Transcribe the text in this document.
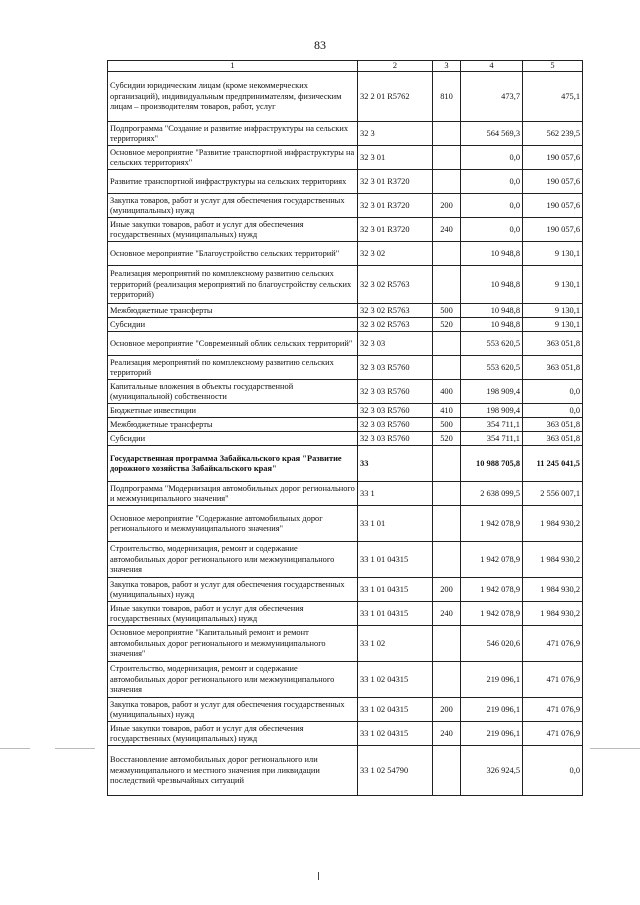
83
1	2	3	4	5
Субсидии юридическим лицам (кроме некоммерческих организаций), индивидуальным предпринимателям, физическим лицам – производителям товаров, работ, услуг	32 2 01 R5762	810	473,7	475,1
Подпрограмма "Создание и развитие инфраструктуры на сельских территориях"	32 3		564 569,3	562 239,5
Основное мероприятие "Развитие транспортной инфраструктуры на сельских территориях"	32 3 01		0,0	190 057,6
Развитие транспортной инфраструктуры на сельских территориях	32 3 01 R3720		0,0	190 057,6
Закупка товаров, работ и услуг для обеспечения государственных (муниципальных) нужд	32 3 01 R3720	200	0,0	190 057,6
Иные закупки товаров, работ и услуг для обеспечения государственных (муниципальных) нужд	32 3 01 R3720	240	0,0	190 057,6
Основное мероприятие "Благоустройство сельских территорий"	32 3 02		10 948,8	9 130,1
Реализация мероприятий по комплексному развитию сельских территорий (реализация мероприятий по благоустройству сельских территорий)	32 3 02 R5763		10 948,8	9 130,1
Межбюджетные трансферты	32 3 02 R5763	500	10 948,8	9 130,1
Субсидии	32 3 02 R5763	520	10 948,8	9 130,1
Основное мероприятие "Современный облик сельских территорий"	32 3 03		553 620,5	363 051,8
Реализация мероприятий по комплексному развитию сельских территорий	32 3 03 R5760		553 620,5	363 051,8
Капитальные вложения в объекты государственной (муниципальной) собственности	32 3 03 R5760	400	198 909,4	0,0
Бюджетные инвестиции	32 3 03 R5760	410	198 909,4	0,0
Межбюджетные трансферты	32 3 03 R5760	500	354 711,1	363 051,8
Субсидии	32 3 03 R5760	520	354 711,1	363 051,8
Государственная программа Забайкальского края "Развитие дорожного хозяйства Забайкальского края"	33		10 988 705,8	11 245 041,5
Подпрограмма "Модернизация автомобильных дорог регионального и межмуниципального значения"	33 1		2 638 099,5	2 556 007,1
Основное мероприятие "Содержание автомобильных дорог регионального и межмуниципального значения"	33 1 01		1 942 078,9	1 984 930,2
Строительство, модернизация, ремонт и содержание автомобильных дорог регионального или межмуниципального значения	33 1 01 04315		1 942 078,9	1 984 930,2
Закупка товаров, работ и услуг для обеспечения государственных (муниципальных) нужд	33 1 01 04315	200	1 942 078,9	1 984 930,2
Иные закупки товаров, работ и услуг для обеспечения государственных (муниципальных) нужд	33 1 01 04315	240	1 942 078,9	1 984 930,2
Основное мероприятие "Капитальный ремонт и ремонт автомобильных дорог регионального и межмуниципального значения"	33 1 02		546 020,6	471 076,9
Строительство, модернизация, ремонт и содержание автомобильных дорог регионального или межмуниципального значения	33 1 02 04315		219 096,1	471 076,9
Закупка товаров, работ и услуг для обеспечения государственных (муниципальных) нужд	33 1 02 04315	200	219 096,1	471 076,9
Иные закупки товаров, работ и услуг для обеспечения государственных (муниципальных) нужд	33 1 02 04315	240	219 096,1	471 076,9
Восстановление автомобильных дорог регионального или межмуниципального и местного значения при ликвидации последствий чрезвычайных ситуаций	33 1 02 54790		326 924,5	0,0
